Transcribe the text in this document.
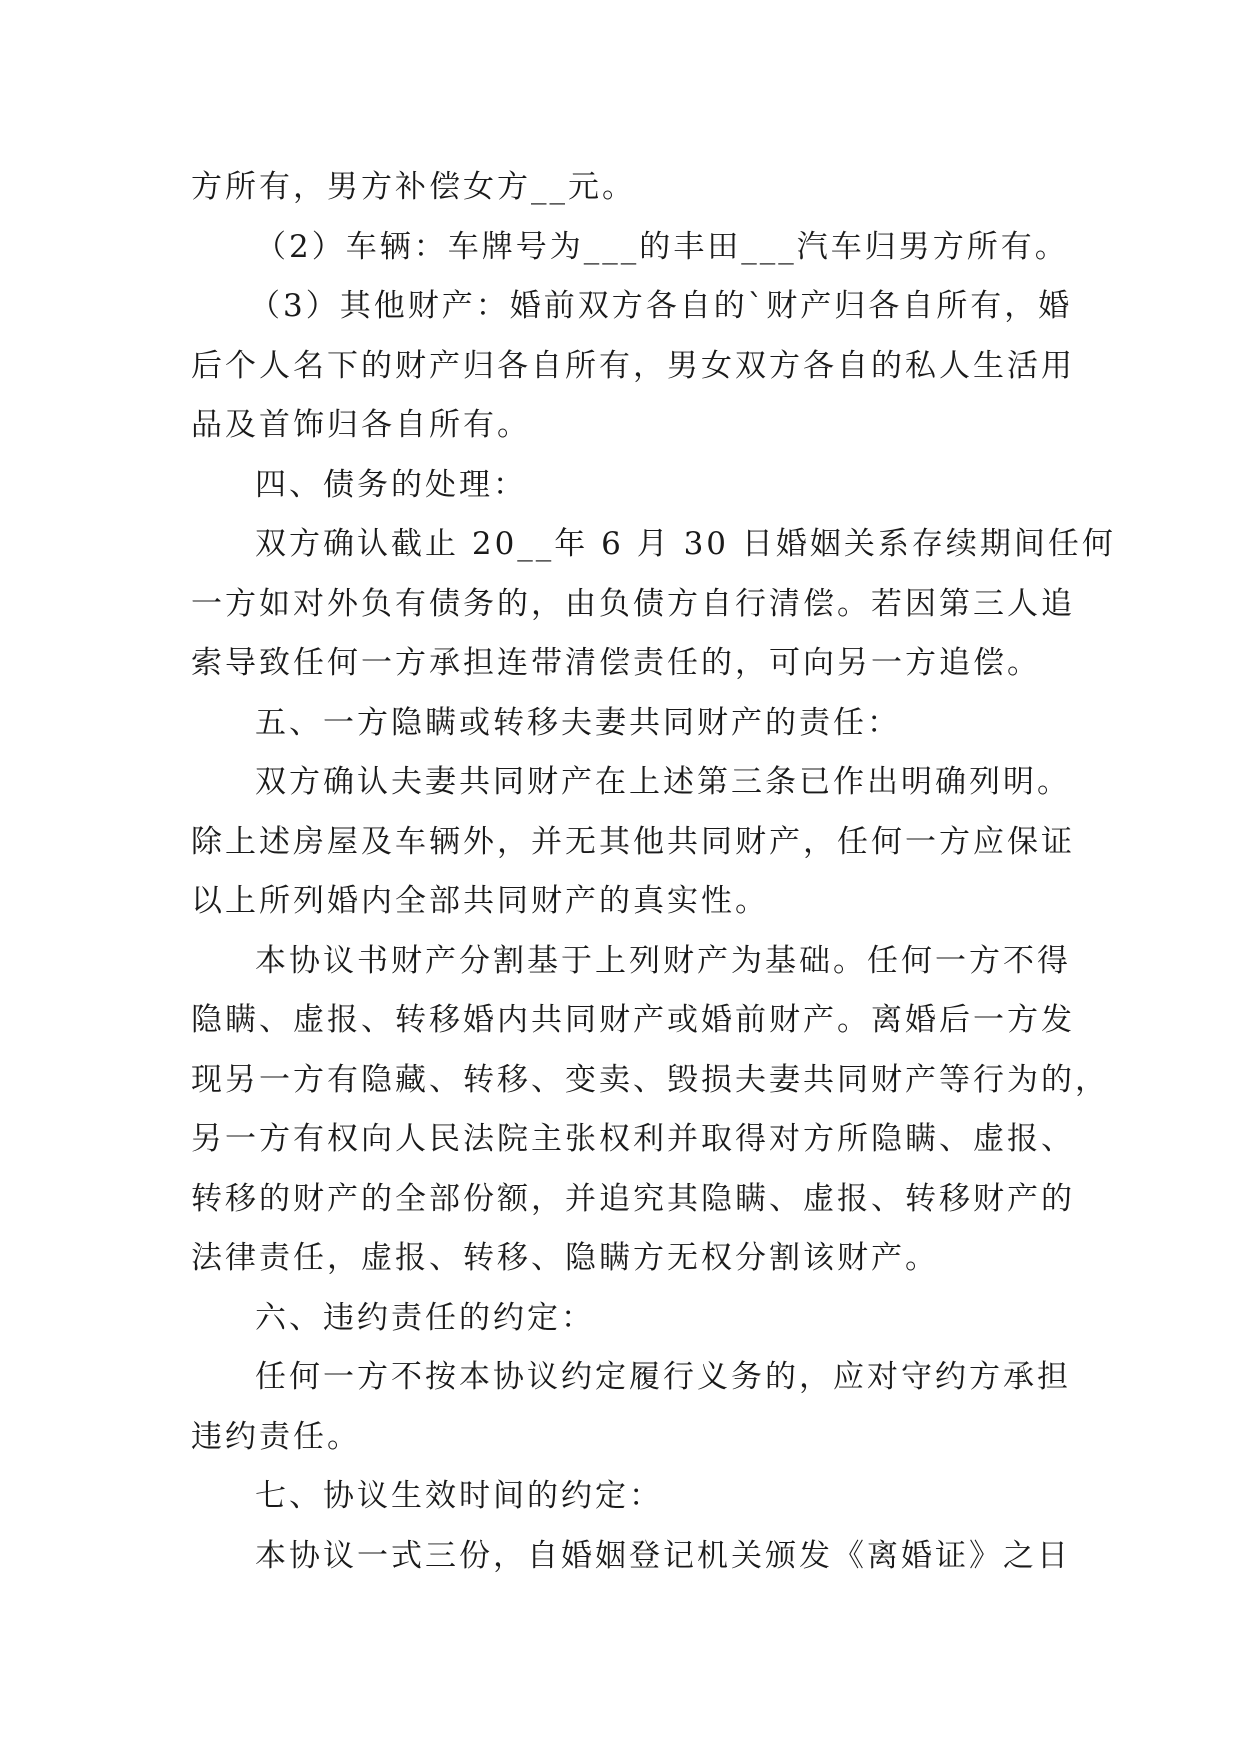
方所有，男方补偿女方__元。
（2）车辆：车牌号为___的丰田___汽车归男方所有。
（3）其他财产：婚前双方各自的`财产归各自所有，婚
后个人名下的财产归各自所有，男女双方各自的私人生活用
品及首饰归各自所有。
四、债务的处理：
双方确认截止 20__年 6 月 30 日婚姻关系存续期间任何
一方如对外负有债务的，由负债方自行清偿。若因第三人追
索导致任何一方承担连带清偿责任的，可向另一方追偿。
五、一方隐瞒或转移夫妻共同财产的责任：
双方确认夫妻共同财产在上述第三条已作出明确列明。
除上述房屋及车辆外，并无其他共同财产，任何一方应保证
以上所列婚内全部共同财产的真实性。
本协议书财产分割基于上列财产为基础。任何一方不得
隐瞒、虚报、转移婚内共同财产或婚前财产。离婚后一方发
现另一方有隐藏、转移、变卖、毁损夫妻共同财产等行为的，
另一方有权向人民法院主张权利并取得对方所隐瞒、虚报、
转移的财产的全部份额，并追究其隐瞒、虚报、转移财产的
法律责任，虚报、转移、隐瞒方无权分割该财产。
六、违约责任的约定：
任何一方不按本协议约定履行义务的，应对守约方承担
违约责任。
七、协议生效时间的约定：
本协议一式三份，自婚姻登记机关颁发《离婚证》之日
